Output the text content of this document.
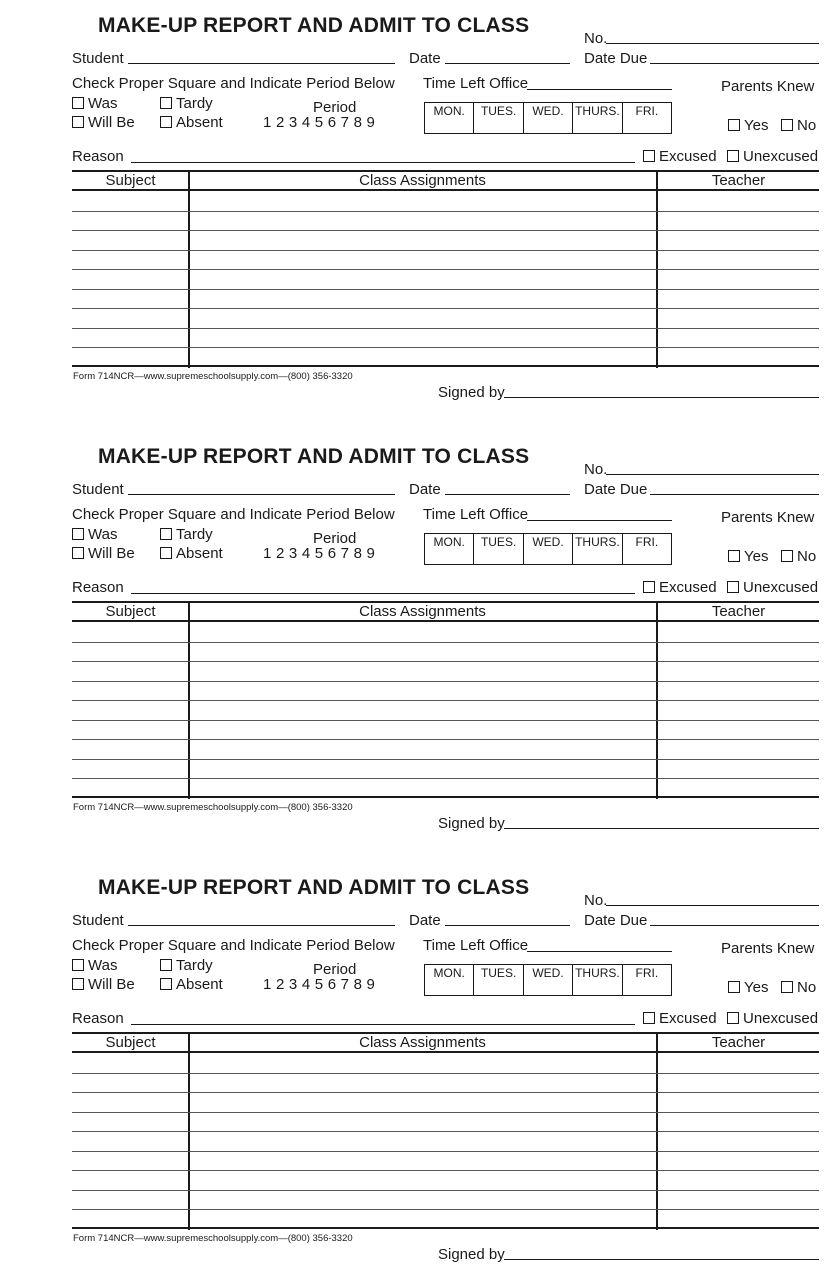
MAKE-UP REPORT AND ADMIT TO CLASS
No.
Student	Date	Date Due
Check Proper Square and Indicate Period Below Time Left Office	Parents Knew
Was
Will Be
Tardy
Absent
Period
123456789
MON.	TUES.	WED. THURS.	FRI.
Yes	No
Reason	Excused	Unexcused
Subject	Class Assignments	Teacher
Form 714NCR—www.supremeschoolsupply.com—(800) 356-3320
Signed by
MAKE-UP REPORT AND ADMIT TO CLASS
No.
Student	Date	Date Due
Check Proper Square and Indicate Period Below Time Left Office	Parents Knew
Was
Will Be
Tardy
Absent
Period
123456789
MON.	TUES.	WED. THURS.	FRI.
Yes	No
Reason	Excused	Unexcused
Subject	Class Assignments	Teacher
Form 714NCR—www.supremeschoolsupply.com—(800) 356-3320
Signed by
MAKE-UP REPORT AND ADMIT TO CLASS
No.
Student	Date	Date Due
Check Proper Square and Indicate Period Below Time Left Office	Parents Knew
Was
Will Be
Tardy
Absent
Period
123456789
MON.	TUES.	WED. THURS.	FRI.
Yes	No
Reason	Excused	Unexcused
Subject	Class Assignments	Teacher
Form 714NCR—www.supremeschoolsupply.com—(800) 356-3320
Signed by
